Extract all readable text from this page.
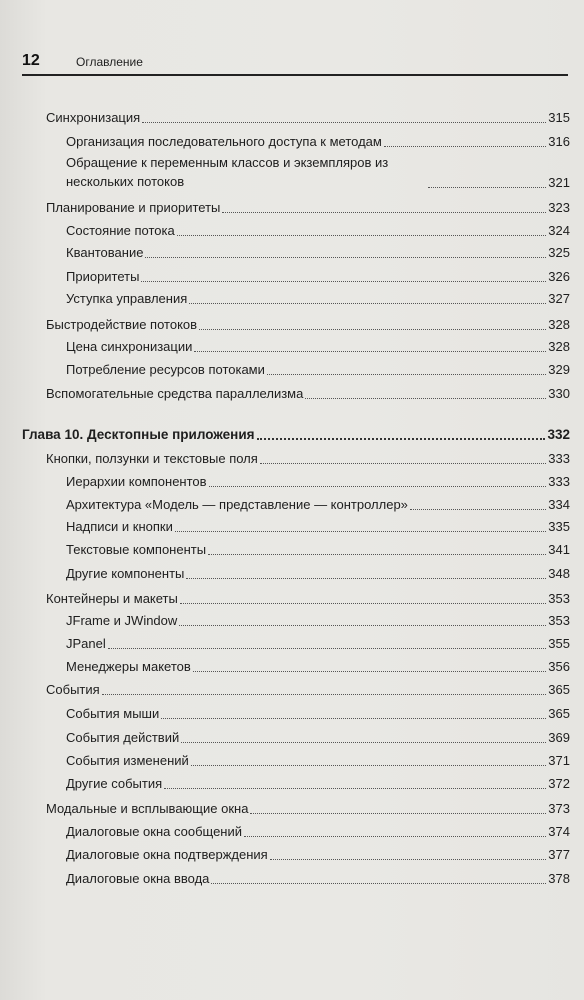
12	Оглавление
Синхронизация	315
Организация последовательного доступа к методам	316
Обращение к переменным классов и экземпляров из нескольких потоков	321
Планирование и приоритеты	323
Состояние потока	324
Квантование	325
Приоритеты	326
Уступка управления	327
Быстродействие потоков	328
Цена синхронизации	328
Потребление ресурсов потоками	329
Вспомогательные средства параллелизма	330
Глава 10. Десктопные приложения	332
Кнопки, ползунки и текстовые поля	333
Иерархии компонентов	333
Архитектура «Модель — представление — контроллер»	334
Надписи и кнопки	335
Текстовые компоненты	341
Другие компоненты	348
Контейнеры и макеты	353
JFrame и JWindow	353
JPanel	355
Менеджеры макетов	356
События	365
События мыши	365
События действий	369
События изменений	371
Другие события	372
Модальные и всплывающие окна	373
Диалоговые окна сообщений	374
Диалоговые окна подтверждения	377
Диалоговые окна ввода	378
